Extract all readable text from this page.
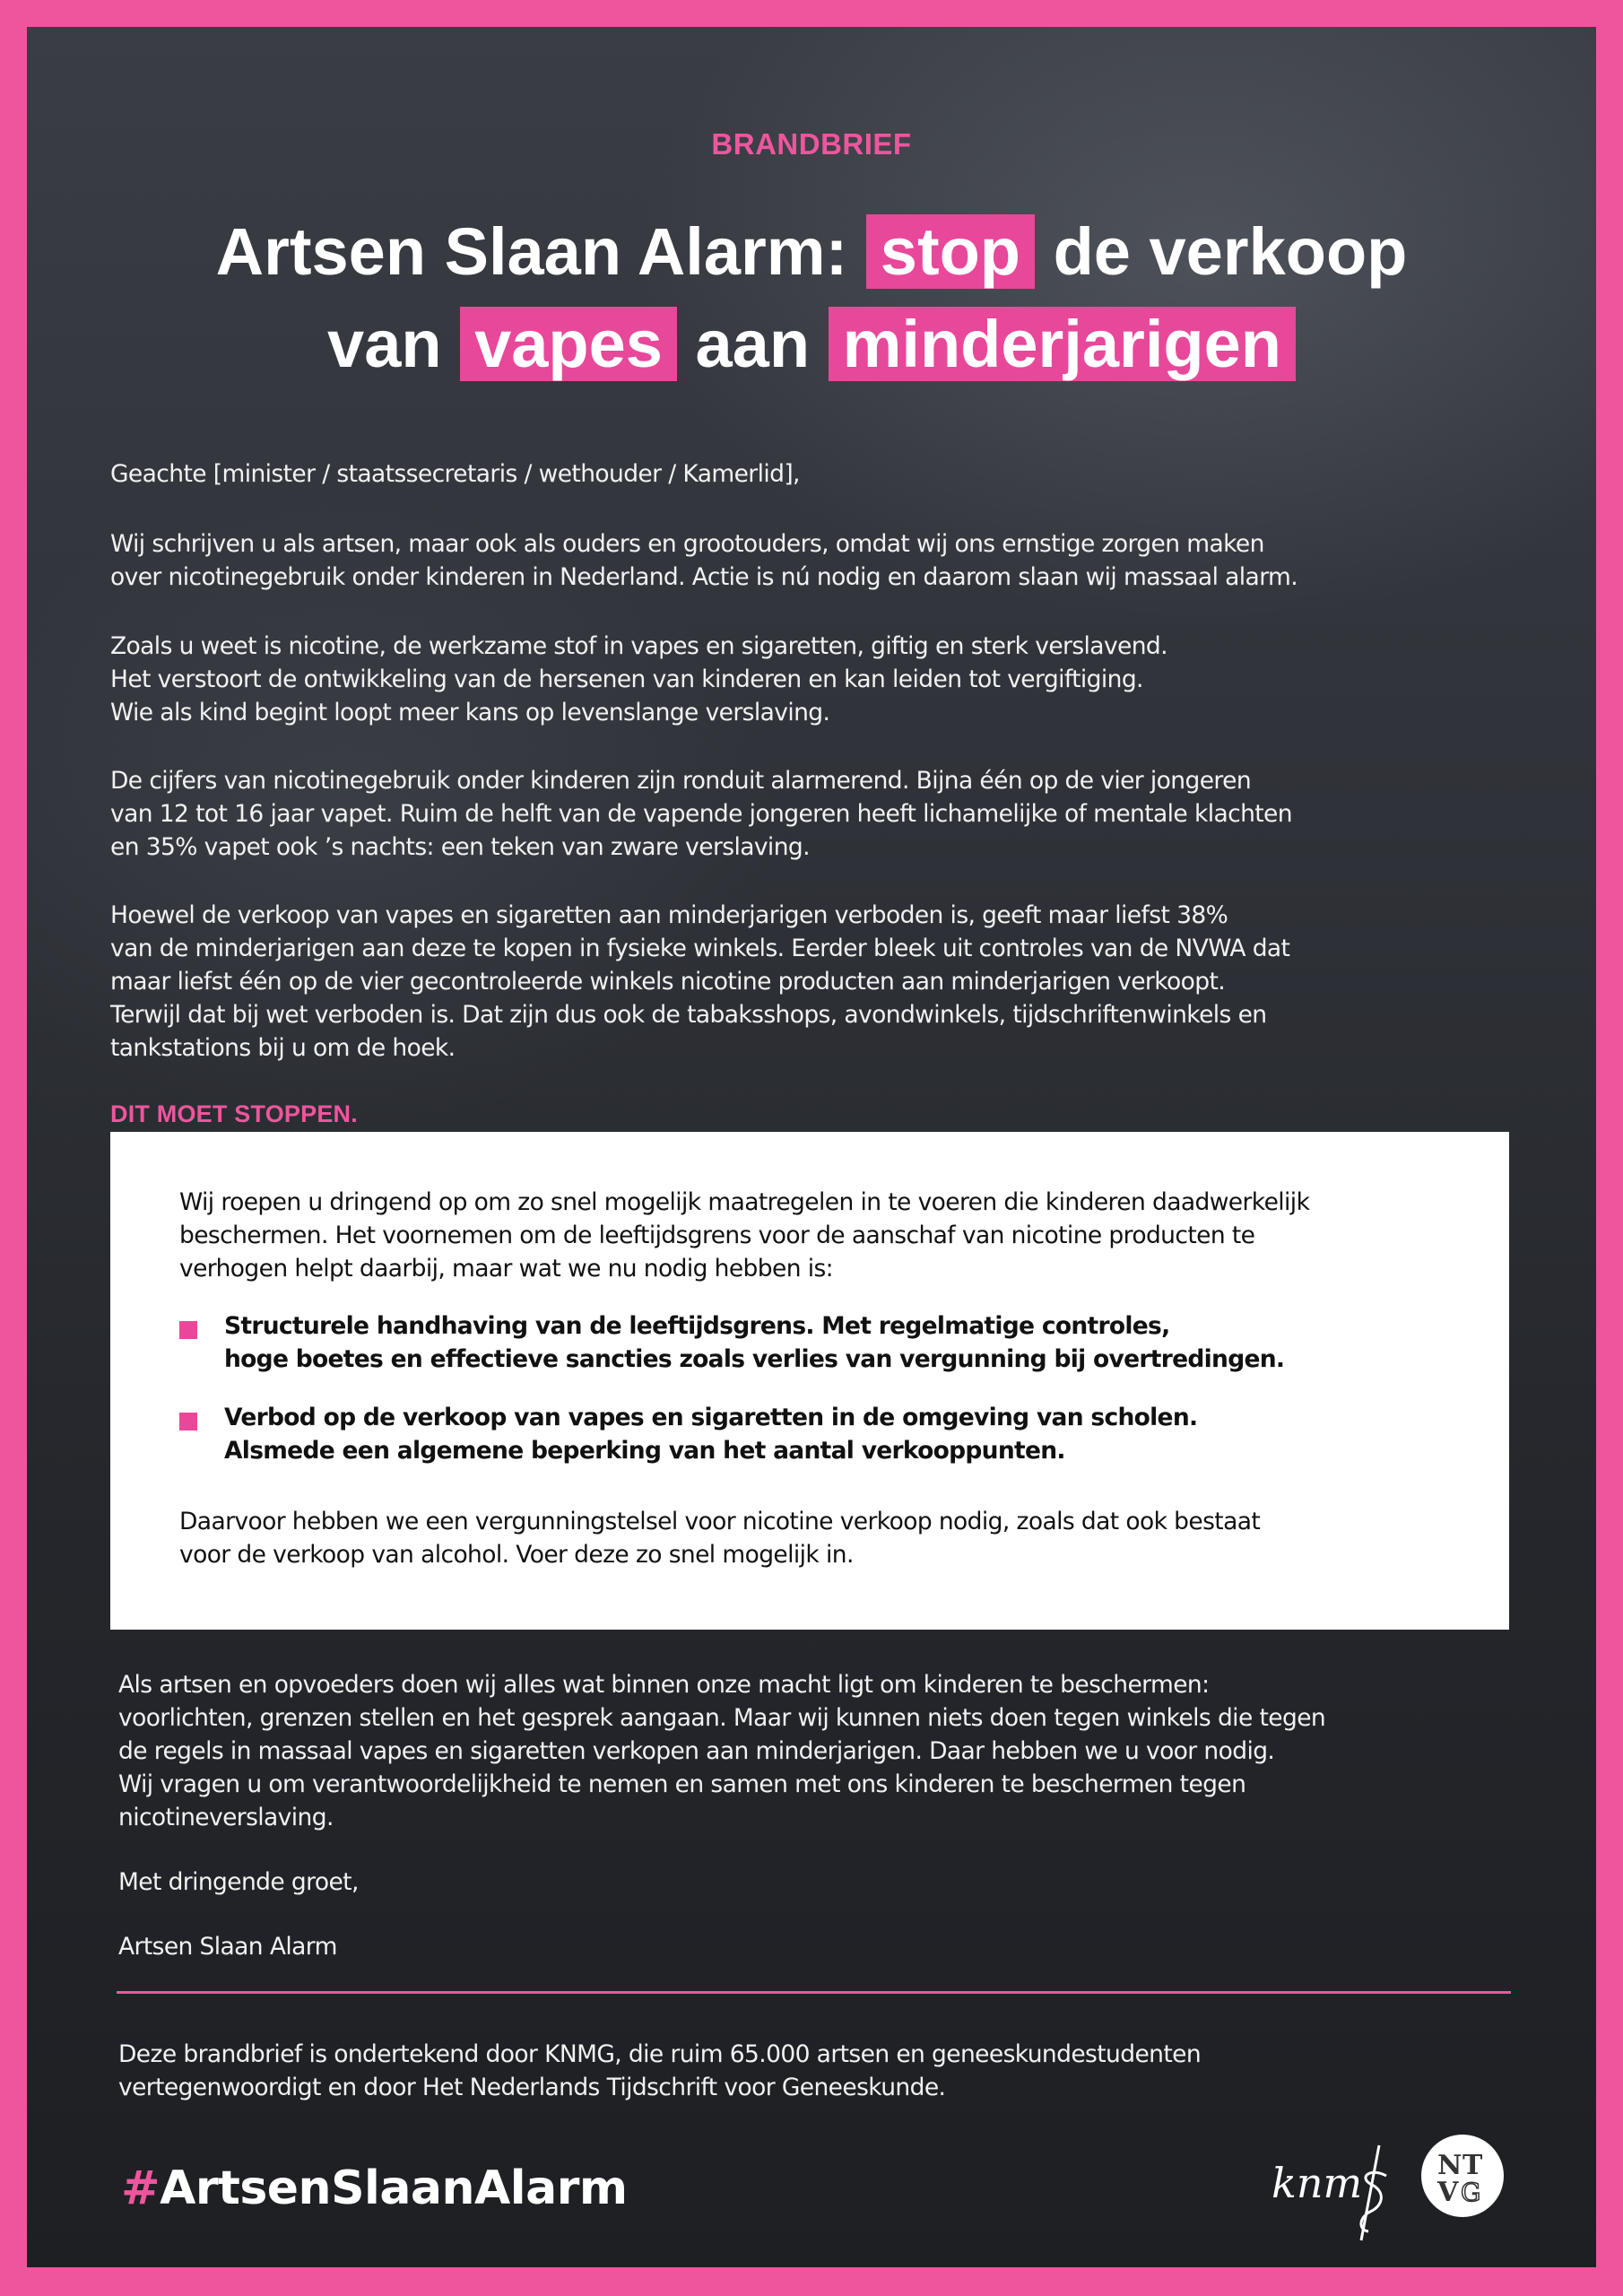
BRANDBRIEF
Artsen Slaan Alarm: stop de verkoop
van vapes aan minderjarigen
Geachte [minister / staatssecretaris / wethouder / Kamerlid],
Wij schrijven u als artsen, maar ook als ouders en grootouders, omdat wij ons ernstige zorgen maken
over nicotinegebruik onder kinderen in Nederland. Actie is nú nodig en daarom slaan wij massaal alarm.
Zoals u weet is nicotine, de werkzame stof in vapes en sigaretten, giftig en sterk verslavend.
Het verstoort de ontwikkeling van de hersenen van kinderen en kan leiden tot vergiftiging.
Wie als kind begint loopt meer kans op levenslange verslaving.
De cijfers van nicotinegebruik onder kinderen zijn ronduit alarmerend. Bijna één op de vier jongeren
van 12 tot 16 jaar vapet. Ruim de helft van de vapende jongeren heeft lichamelijke of mentale klachten
en 35% vapet ook ’s nachts: een teken van zware verslaving.
Hoewel de verkoop van vapes en sigaretten aan minderjarigen verboden is, geeft maar liefst 38%
van de minderjarigen aan deze te kopen in fysieke winkels. Eerder bleek uit controles van de NVWA dat
maar liefst één op de vier gecontroleerde winkels nicotine producten aan minderjarigen verkoopt.
Terwijl dat bij wet verboden is. Dat zijn dus ook de tabaksshops, avondwinkels, tijdschriftenwinkels en
tankstations bij u om de hoek.
DIT MOET STOPPEN.
Wij roepen u dringend op om zo snel mogelijk maatregelen in te voeren die kinderen daadwerkelijk
beschermen. Het voornemen om de leeftijdsgrens voor de aanschaf van nicotine producten te
verhogen helpt daarbij, maar wat we nu nodig hebben is:
Structurele handhaving van de leeftijdsgrens. Met regelmatige controles,
hoge boetes en effectieve sancties zoals verlies van vergunning bij overtredingen.
Verbod op de verkoop van vapes en sigaretten in de omgeving van scholen.
Alsmede een algemene beperking van het aantal verkooppunten.
Daarvoor hebben we een vergunningstelsel voor nicotine verkoop nodig, zoals dat ook bestaat
voor de verkoop van alcohol. Voer deze zo snel mogelijk in.
Als artsen en opvoeders doen wij alles wat binnen onze macht ligt om kinderen te beschermen:
voorlichten, grenzen stellen en het gesprek aangaan. Maar wij kunnen niets doen tegen winkels die tegen
de regels in massaal vapes en sigaretten verkopen aan minderjarigen. Daar hebben we u voor nodig.
Wij vragen u om verantwoordelijkheid te nemen en samen met ons kinderen te beschermen tegen
nicotineverslaving.
Met dringende groet,
Artsen Slaan Alarm
Deze brandbrief is ondertekend door KNMG, die ruim 65.000 artsen en geneeskundestudenten
vertegenwoordigt en door Het Nederlands Tijdschrift voor Geneeskunde.
#ArtsenSlaanAlarm	knm	N T
V G
